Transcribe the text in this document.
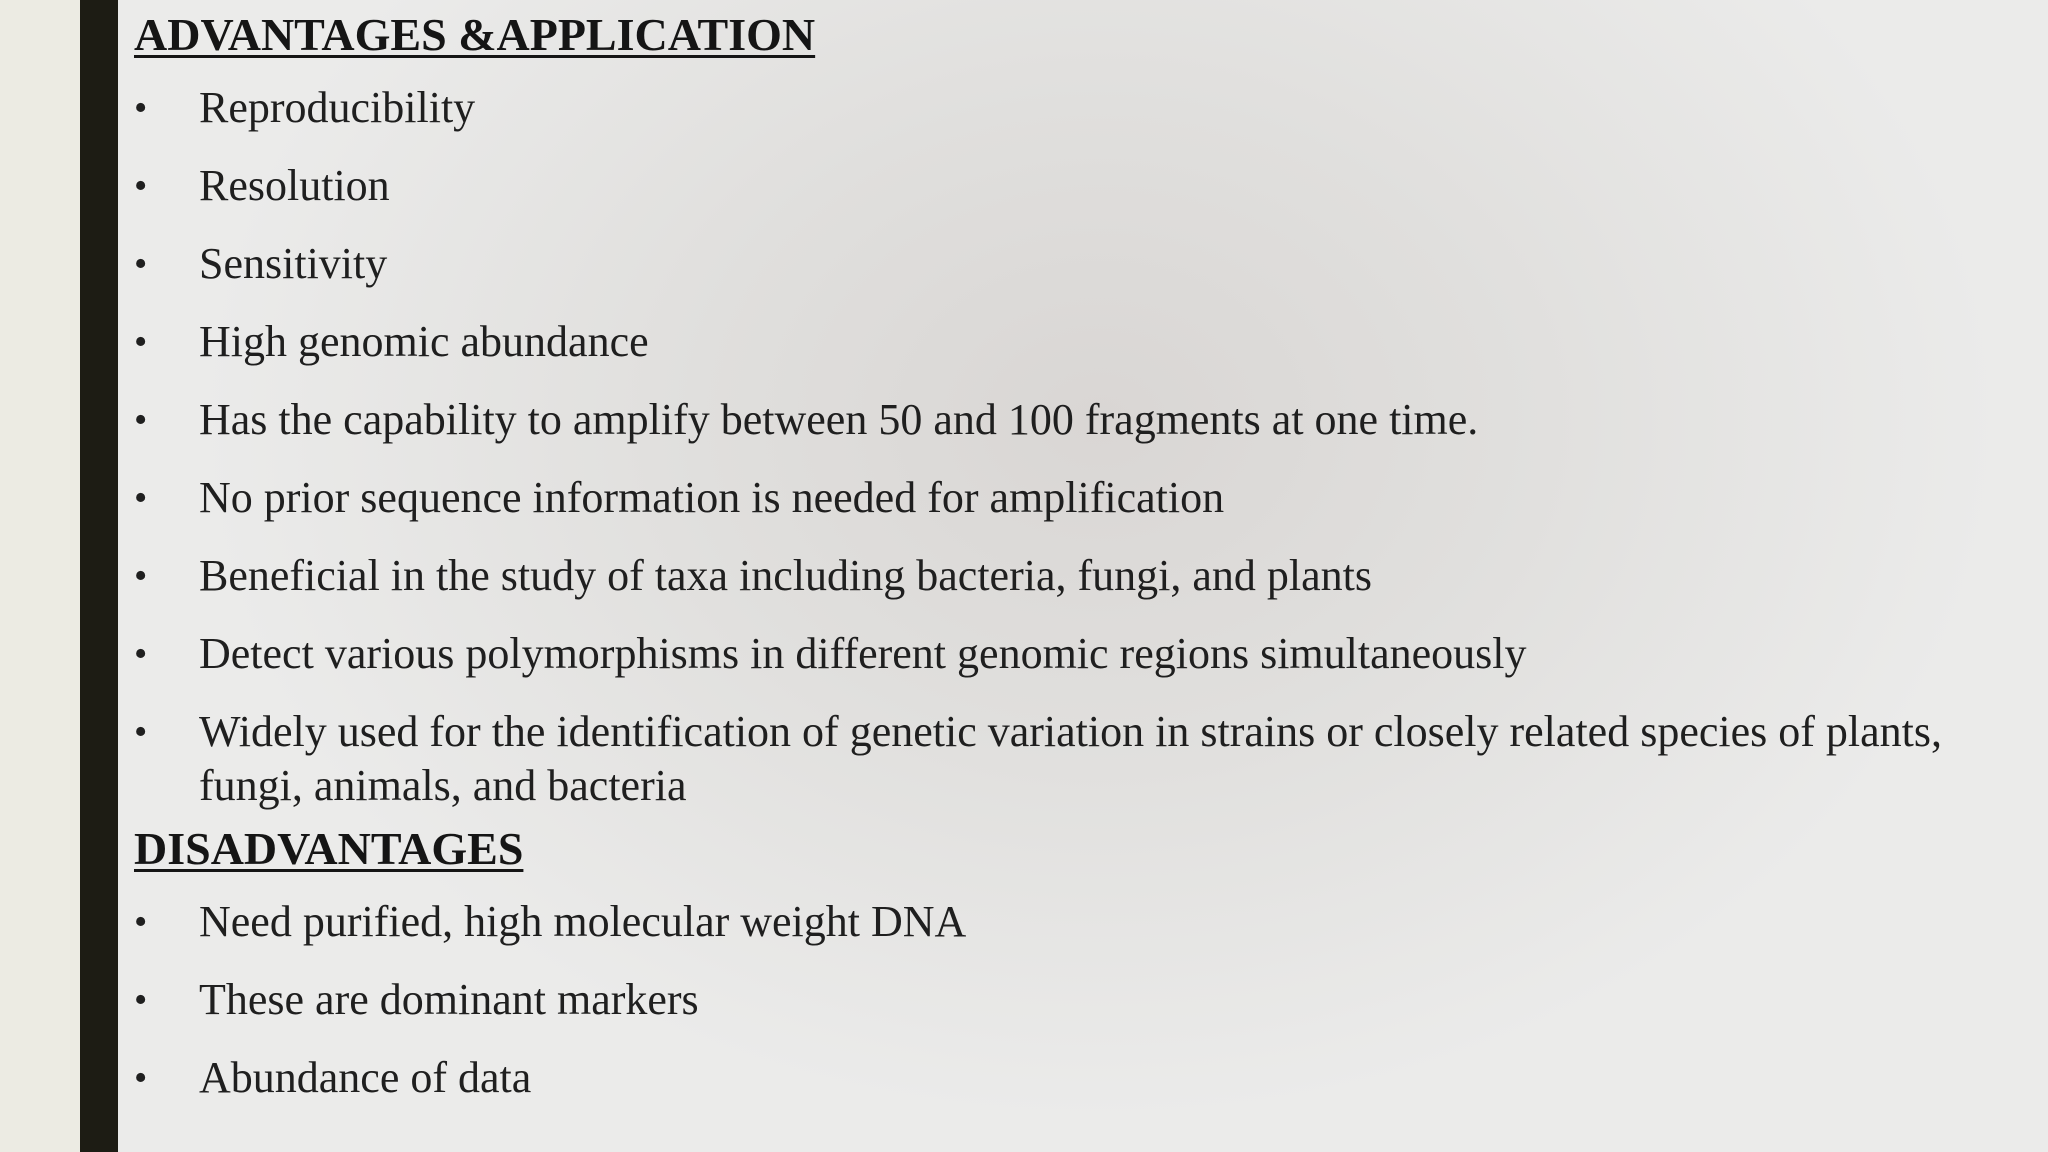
ADVANTAGES &APPLICATION
•	Reproducibility
•	Resolution
•	Sensitivity
•	High genomic abundance
•	Has the capability to amplify between 50 and 100 fragments at one time.
•	No prior sequence information is needed for amplification
•	Beneficial in the study of taxa including bacteria, fungi, and plants
•	Detect various polymorphisms in different genomic regions simultaneously
•	Widely used for the identification of genetic variation in strains or closely related species of plants, fungi, animals, and bacteria
DISADVANTAGES
•	Need purified, high molecular weight DNA
•	These are dominant markers
•	Abundance of data
